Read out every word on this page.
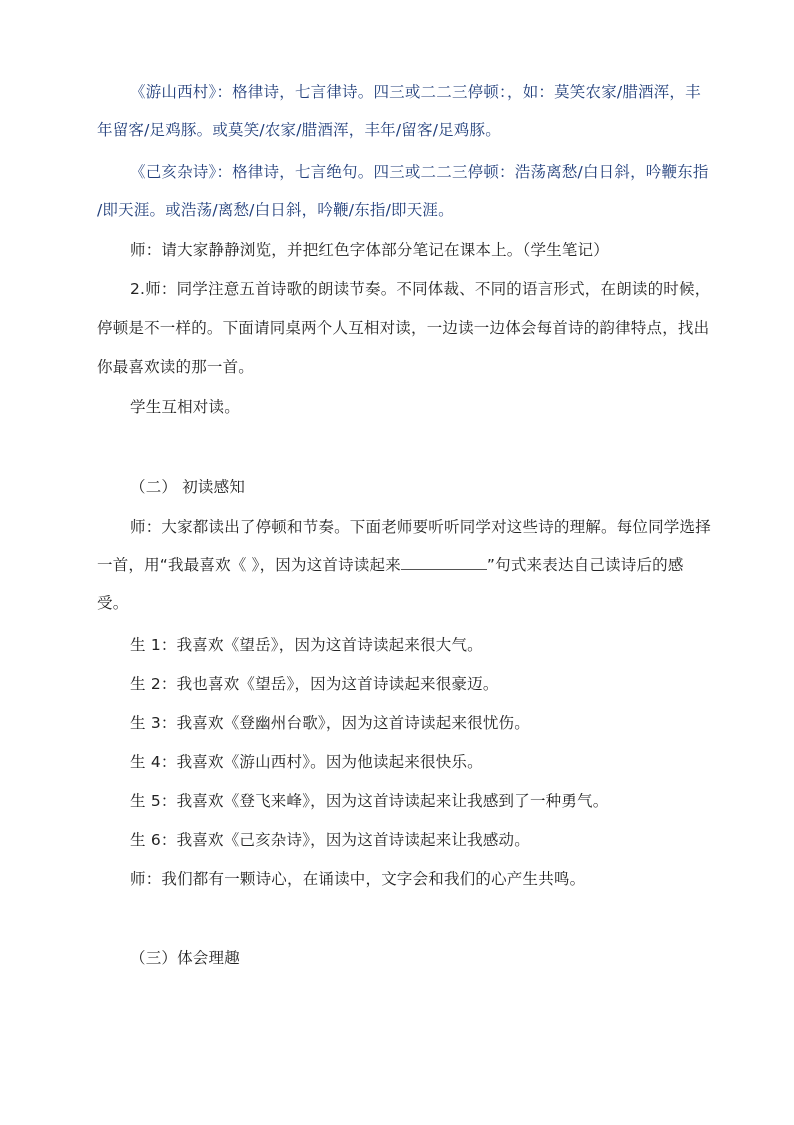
《游山西村》：格律诗，七言律诗。四三或二二三停顿：，如：莫笑农家/腊酒浑，丰
年留客/足鸡豚。或莫笑/农家/腊酒浑，丰年/留客/足鸡豚。
《己亥杂诗》：格律诗，七言绝句。四三或二二三停顿：浩荡离愁/白日斜，吟鞭东指
/即天涯。或浩荡/离愁/白日斜，吟鞭/东指/即天涯。
师：请大家静静浏览，并把红色字体部分笔记在课本上。（学生笔记）
2.师：同学注意五首诗歌的朗读节奏。不同体裁、不同的语言形式，在朗读的时候，
停顿是不一样的。下面请同桌两个人互相对读，一边读一边体会每首诗的韵律特点，找出
你最喜欢读的那一首。
学生互相对读。
（二） 初读感知
师：大家都读出了停顿和节奏。下面老师要听听同学对这些诗的理解。每位同学选择
一首，用“我最喜欢《 》，因为这首诗读起来	”句式来表达自己读诗后的感
受。
生 1：我喜欢《望岳》，因为这首诗读起来很大气。
生 2：我也喜欢《望岳》，因为这首诗读起来很豪迈。
生 3：我喜欢《登幽州台歌》，因为这首诗读起来很忧伤。
生 4：我喜欢《游山西村》。因为他读起来很快乐。
生 5：我喜欢《登飞来峰》，因为这首诗读起来让我感到了一种勇气。
生 6：我喜欢《己亥杂诗》，因为这首诗读起来让我感动。
师：我们都有一颗诗心，在诵读中，文字会和我们的心产生共鸣。
（三）体会理趣
